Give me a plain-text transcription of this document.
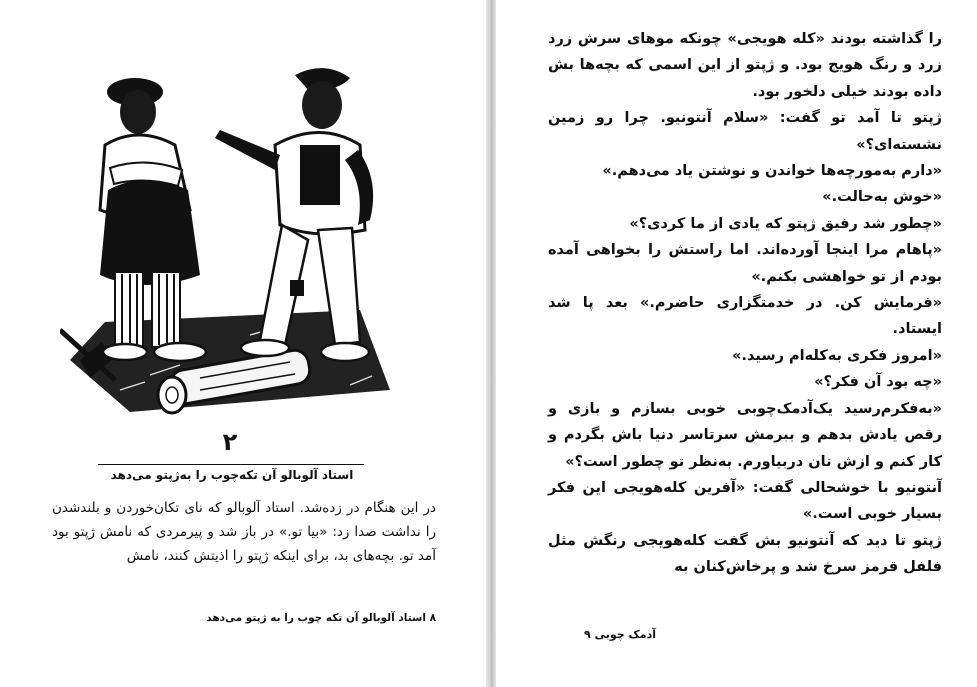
۲
استاد آلوبالو آن تکه‌چوب را به‌ژپتو می‌دهد

در این هنگام در زده‌شد. استاد آلوبالو که نای تکان‌خوردن و بلندشدن را نداشت صدا زد: «بیا تو.» در باز شد و پیرمردی که نامش ژپتو بود آمد تو. بچه‌های بد، برای اینکه ژپتو را اذیتش کنند، نامش

۸ استاد آلوبالو آن تکه چوب را به ژپتو می‌دهد

را گذاشته بودند «کله هویجی» چونکه موهای سرش زرد زرد و رنگ هویج بود. و ژپتو از این اسمی که بچه‌ها بش داده بودند خیلی دلخور بود.

ژپتو تا آمد تو گفت: «سلام آنتونیو. چرا رو زمین نشسته‌ای؟»

«دارم به‌مورچه‌ها خواندن و نوشتن یاد می‌دهم.»

«خوش به‌حالت.»

«چطور شد رفیق ژپتو که یادی از ما کردی؟»

«پاهام مرا اینجا آورده‌اند. اما راستش را بخواهی آمده بودم از تو خواهشی بکنم.»

«فرمایش کن. در خدمتگزاری حاضرم.» بعد پا شد ایستاد.

«امروز فکری به‌کله‌ام رسید.»

«چه بود آن فکر؟»

«به‌فکرم‌رسید یک‌آدمک‌چوبی خوبی بسازم و بازی و رقص یادش بدهم و ببرمش سرتاسر دنیا باش بگردم و کار کنم و ازش نان دربیاورم. به‌نظر تو چطور است؟»

آنتونیو با خوشحالی گفت: «آفرین کله‌هویجی این فکر بسیار خوبی است.»

ژپتو تا دید که آنتونیو بش گفت کله‌هویجی رنگش مثل فلفل قرمز سرخ شد و پرخاش‌کنان به

آدمک چوبی ۹
